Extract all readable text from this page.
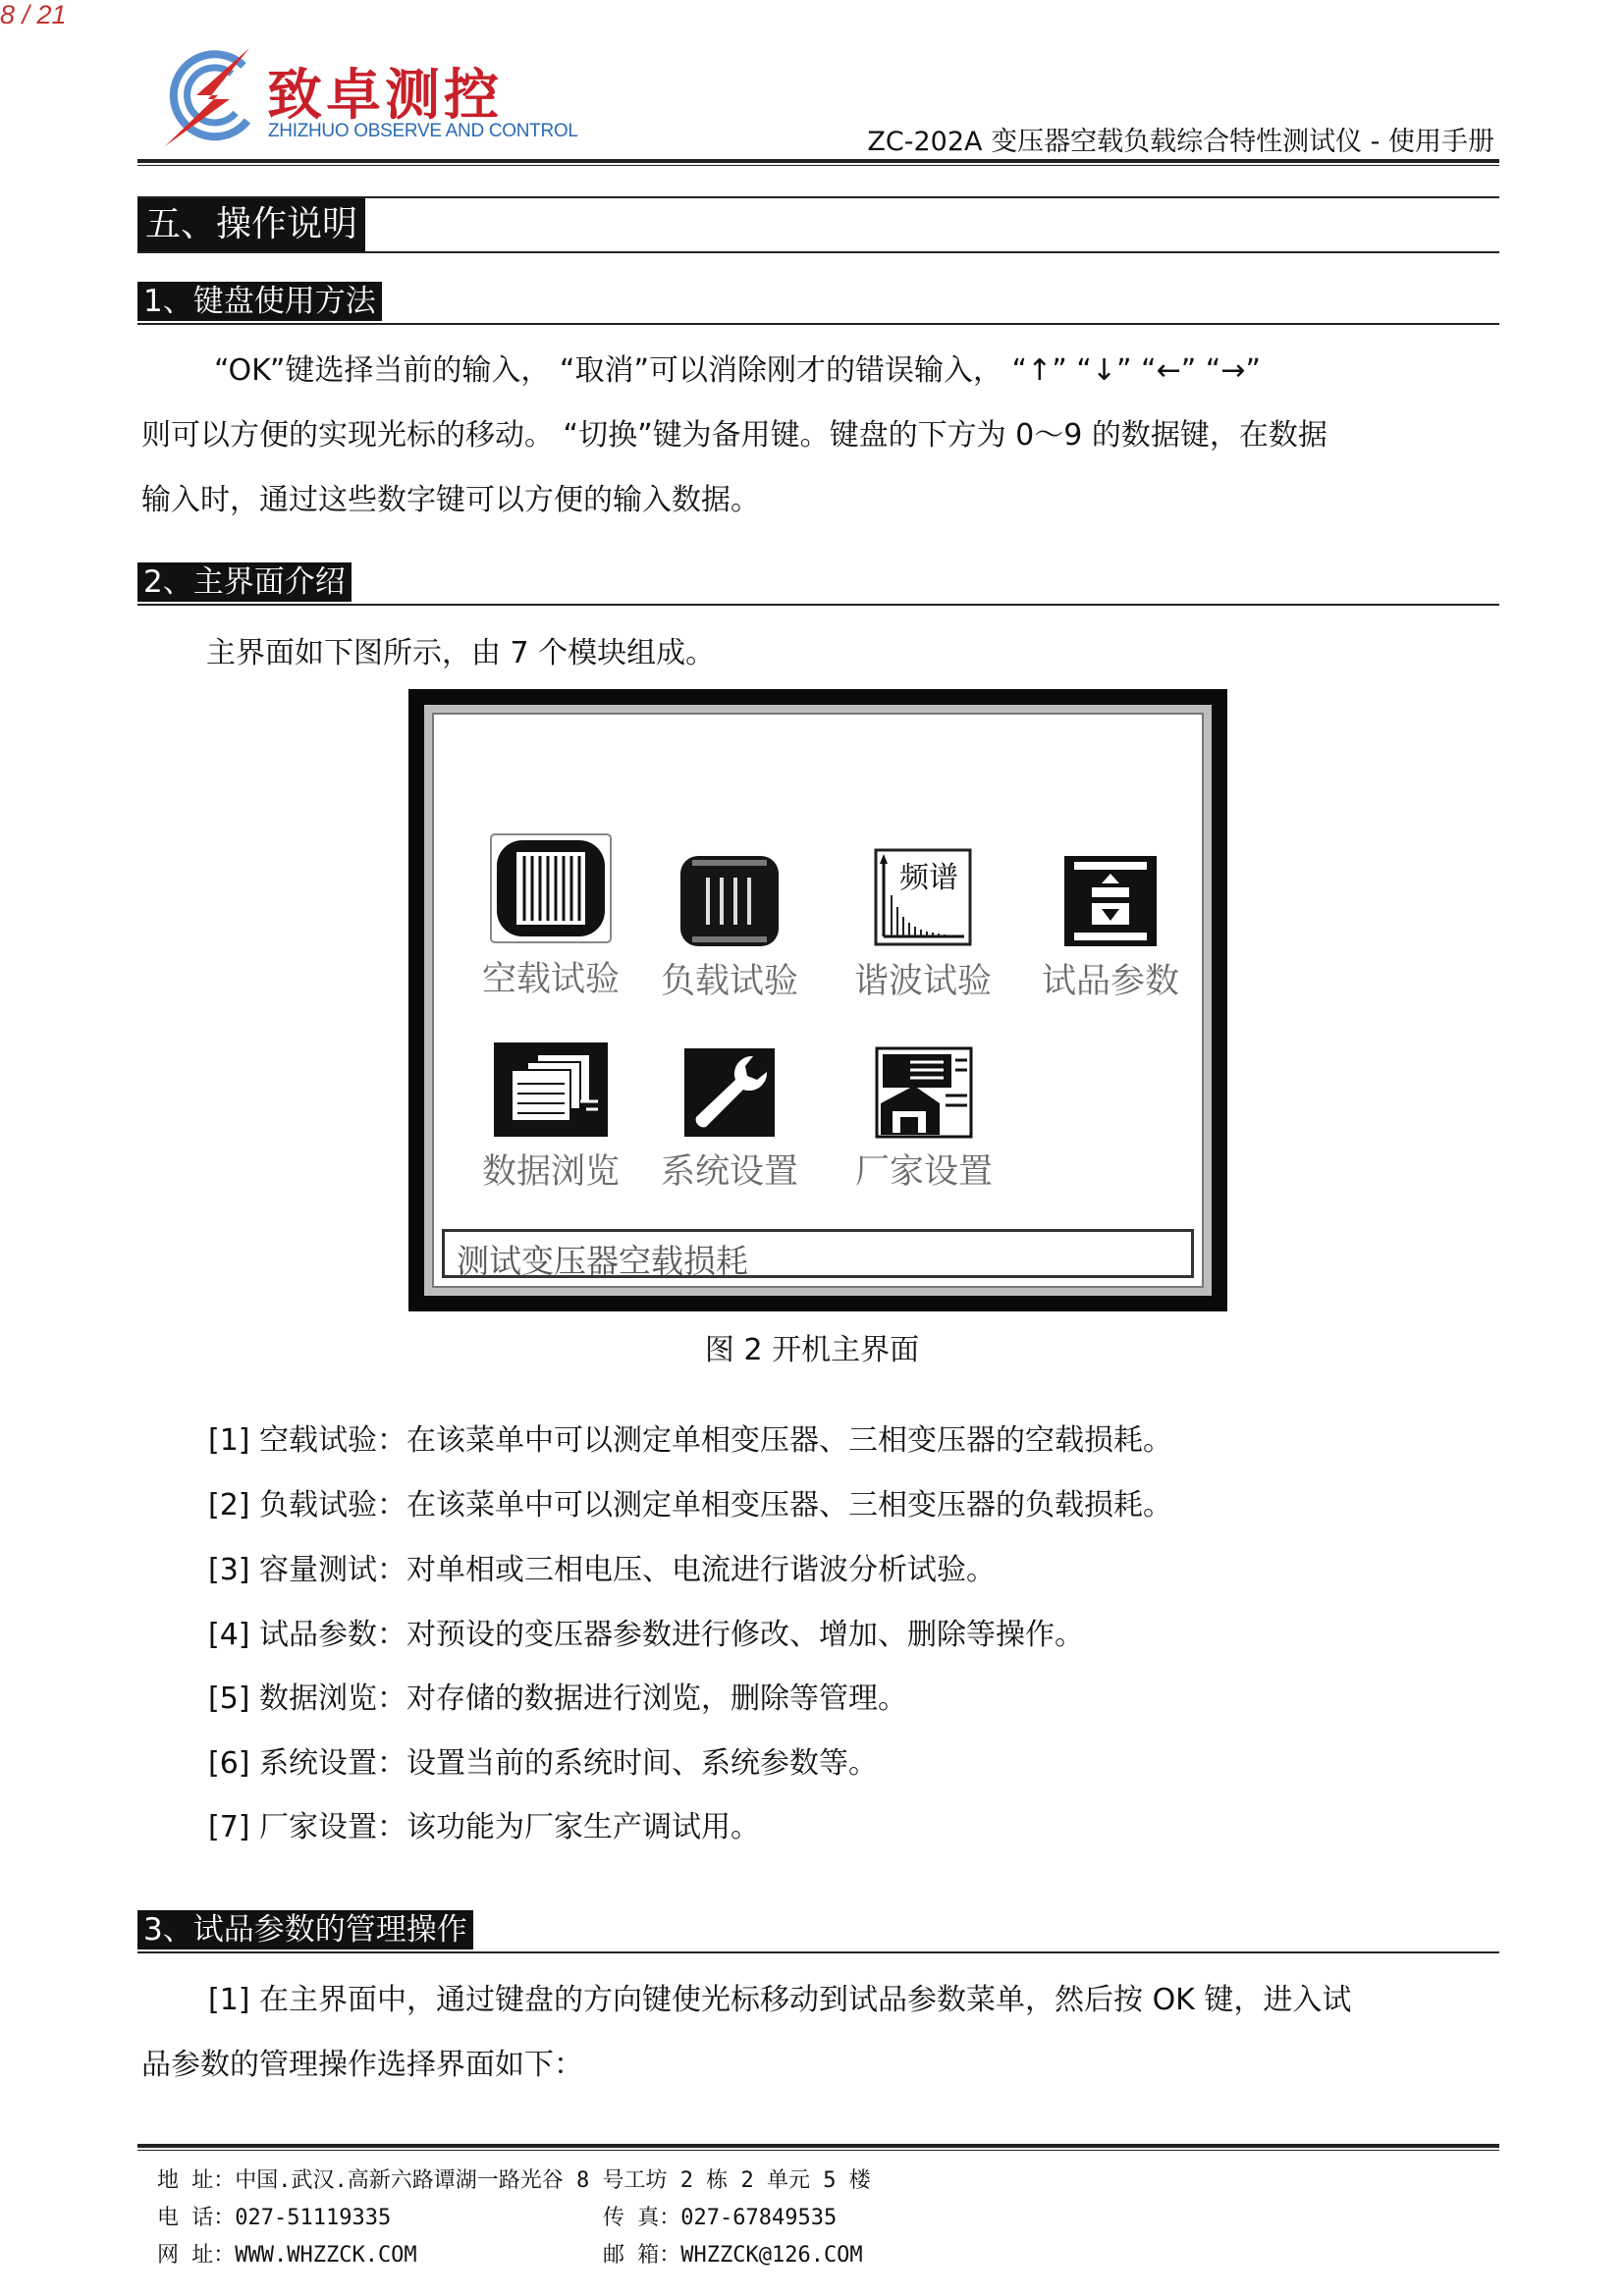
致卓测控
ZHIZHUO OBSERVE AND CONTROL	ZC-202A 变压器空载负载综合特性测试仪 - 使用手册
五、操作说明
1、键盘使用方法
“OK”键选择当前的输入， “取消”可以消除刚才的错误输入， “↑” “↓” “←” “→”
则可以方便的实现光标的移动。 “切换”键为备用键。键盘的下方为 0～9 的数据键，在数据
输入时，通过这些数字键可以方便的输入数据。
2、主界面介绍
主界面如下图所示，由 7 个模块组成。
空载试验	负载试验
频谱
谐波试验	试品参数
数据浏览	系统设置	厂家设置
测试变压器空载损耗
图 2 开机主界面
[1] 空载试验：在该菜单中可以测定单相变压器、三相变压器的空载损耗。
[2] 负载试验：在该菜单中可以测定单相变压器、三相变压器的负载损耗。
[3] 容量测试：对单相或三相电压、电流进行谐波分析试验。
[4] 试品参数：对预设的变压器参数进行修改、增加、删除等操作。
[5] 数据浏览：对存储的数据进行浏览，删除等管理。
[6] 系统设置：设置当前的系统时间、系统参数等。
[7] 厂家设置：该功能为厂家生产调试用。
3、试品参数的管理操作
[1] 在主界面中，通过键盘的方向键使光标移动到试品参数菜单，然后按 OK 键，进入试
品参数的管理操作选择界面如下：
地 址：中国.武汉.高新六路谭湖一路光谷 8 号工坊 2 栋 2 单元 5 楼
电 话：027-51119335	传 真：027-67849535
网 址：WWW.WHZZCK.COM	邮 箱：WHZZCK@126.COM
8 / 21
